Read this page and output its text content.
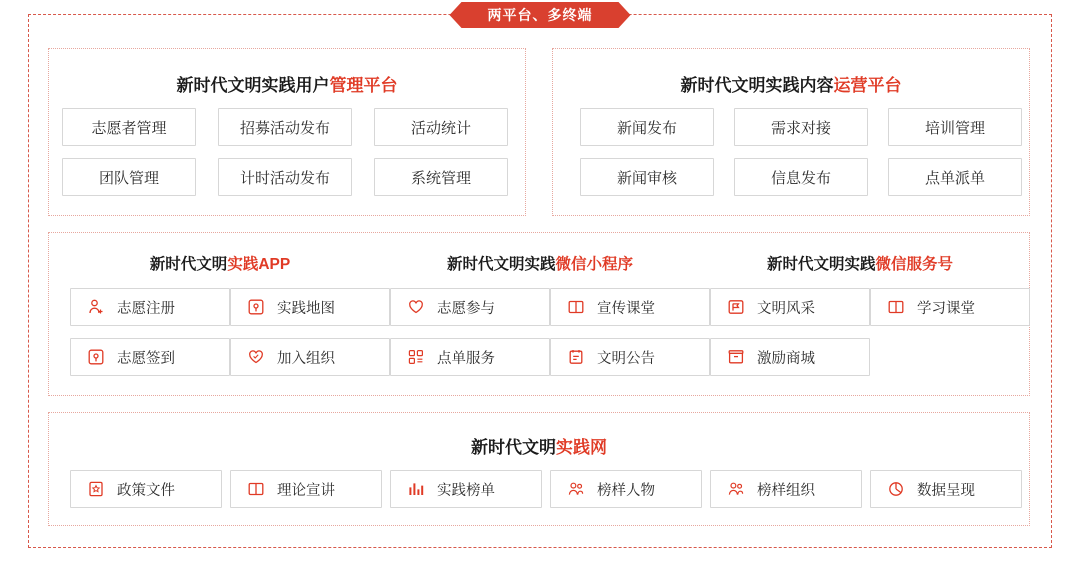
两平台、多终端
新时代文明实践用户管理平台
志愿者管理	招募活动发布	活动统计
团队管理	计时活动发布	系统管理
新时代文明实践内容运营平台
新闻发布	需求对接	培训管理
新闻审核	信息发布	点单派单
新时代文明实践APP	新时代文明实践微信小程序	新时代文明实践微信服务号
志愿注册	实践地图	志愿参与	宣传课堂	文明风采	学习课堂
志愿签到	加入组织	点单服务	文明公告	激励商城
新时代文明实践网
政策文件	理论宣讲	实践榜单	榜样人物	榜样组织	数据呈现
